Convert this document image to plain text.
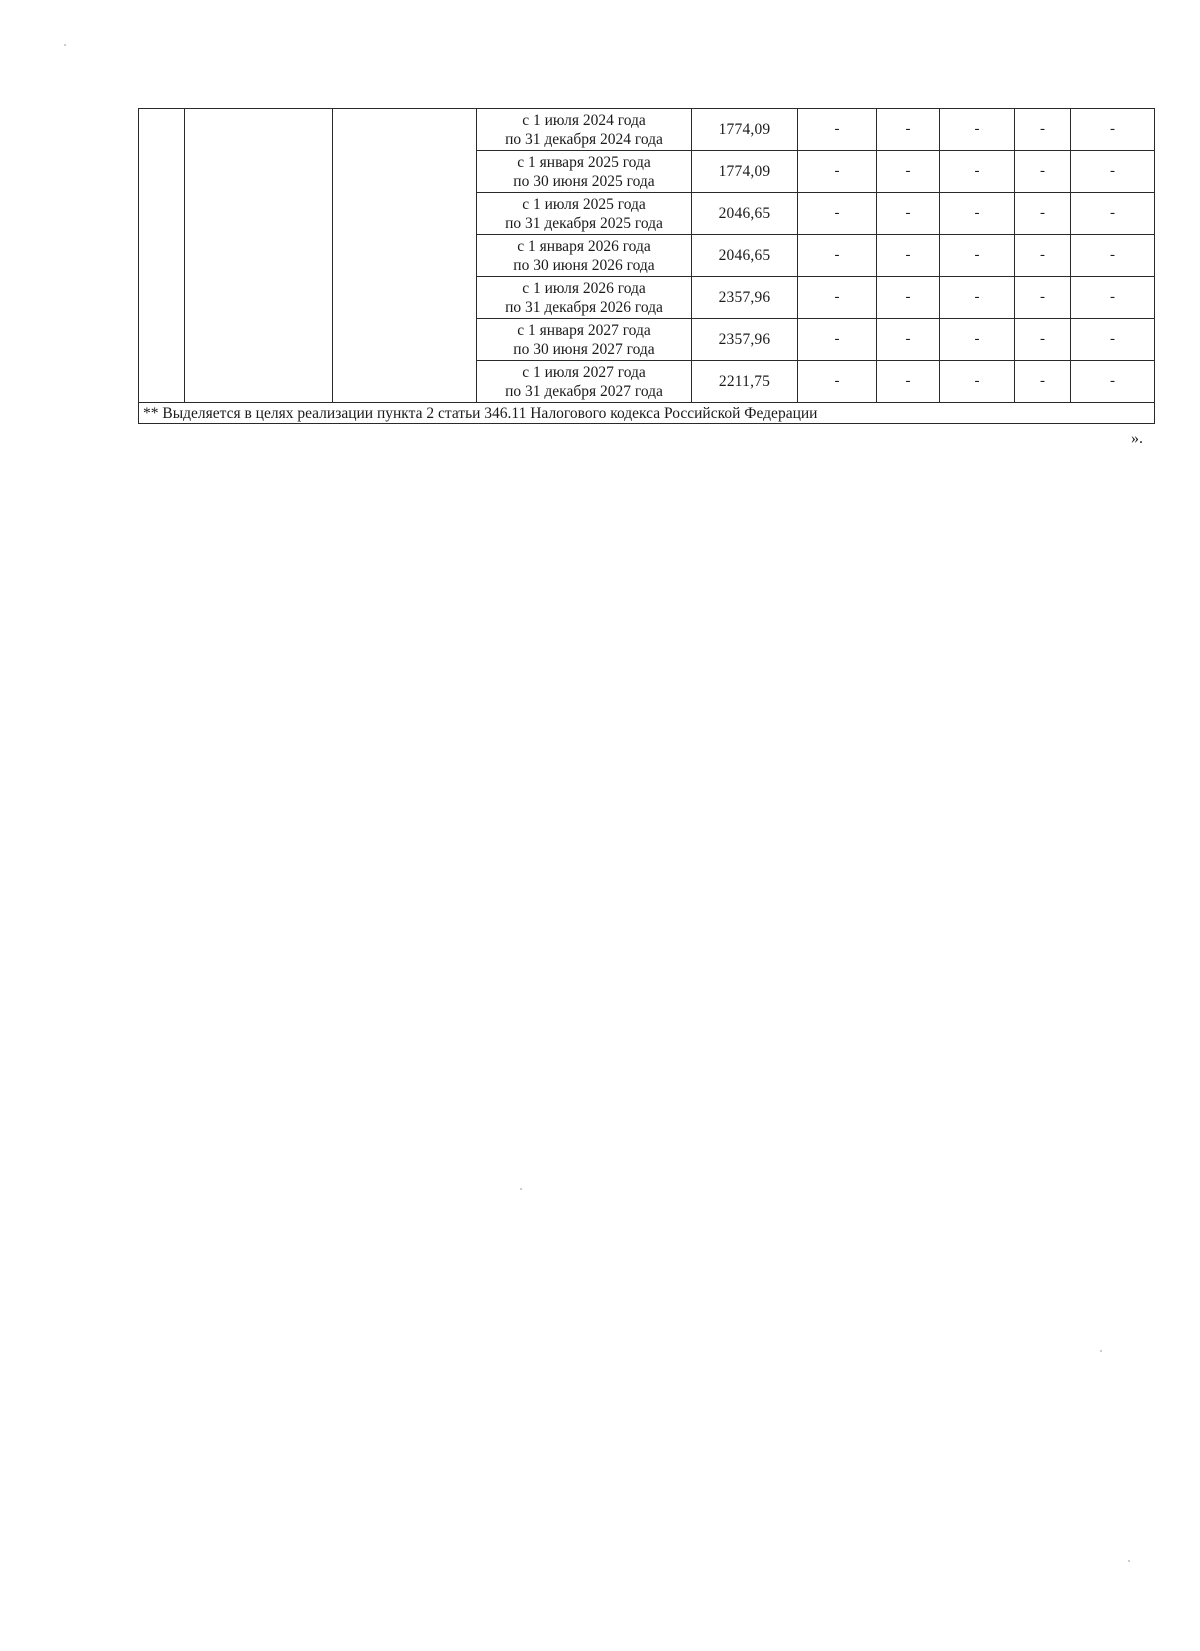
			с 1 июля 2024 года
по 31 декабря 2024 года	1774,09	-	-	-	-	-

			с 1 января 2025 года
по 30 июня 2025 года	1774,09	-	-	-	-	-

			с 1 июля 2025 года
по 31 декабря 2025 года	2046,65	-	-	-	-	-

			с 1 января 2026 года
по 30 июня 2026 года	2046,65	-	-	-	-	-

			с 1 июля 2026 года
по 31 декабря 2026 года	2357,96	-	-	-	-	-

			с 1 января 2027 года
по 30 июня 2027 года	2357,96	-	-	-	-	-

			с 1 июля 2027 года
по 31 декабря 2027 года	2211,75	-	-	-	-	-
** Выделяется в целях реализации пункта 2 статьи 346.11 Налогового кодекса Российской Федерации									
».
